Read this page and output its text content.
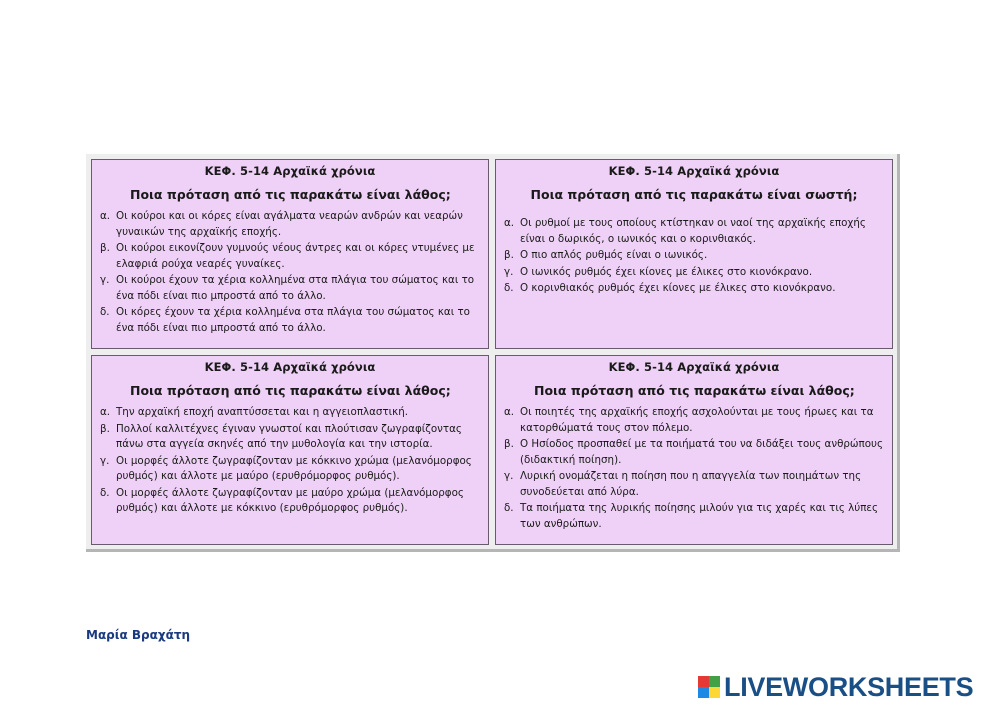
ΚΕΦ. 5-14 Αρχαϊκά χρόνια
Ποια πρόταση από τις παρακάτω είναι λάθος;
α. Οι κούροι και οι κόρες είναι αγάλματα νεαρών ανδρών και νεαρών γυναικών της αρχαϊκής εποχής.
β. Οι κούροι εικονίζουν γυμνούς νέους άντρες και οι κόρες ντυμένες με ελαφριά ρούχα νεαρές γυναίκες.
γ. Οι κούροι έχουν τα χέρια κολλημένα στα πλάγια του σώματος και το ένα πόδι είναι πιο μπροστά από το άλλο.
δ. Οι κόρες έχουν τα χέρια κολλημένα στα πλάγια του σώματος και το ένα πόδι είναι πιο μπροστά από το άλλο.
ΚΕΦ. 5-14 Αρχαϊκά χρόνια
Ποια πρόταση από τις παρακάτω είναι σωστή;
α. Οι ρυθμοί με τους οποίους κτίστηκαν οι ναοί της αρχαϊκής εποχής είναι ο δωρικός, ο ιωνικός και ο κορινθιακός.
β. Ο πιο απλός ρυθμός είναι ο ιωνικός.
γ. Ο ιωνικός ρυθμός έχει κίονες με έλικες στο κιονόκρανο.
δ. Ο κορινθιακός ρυθμός έχει κίονες με έλικες στο κιονόκρανο.
ΚΕΦ. 5-14 Αρχαϊκά χρόνια
Ποια πρόταση από τις παρακάτω είναι λάθος;
α. Την αρχαϊκή εποχή αναπτύσσεται και η αγγειοπλαστική.
β. Πολλοί καλλιτέχνες έγιναν γνωστοί και πλούτισαν ζωγραφίζοντας πάνω στα αγγεία σκηνές από την μυθολογία και την ιστορία.
γ. Οι μορφές άλλοτε ζωγραφίζονταν με κόκκινο χρώμα (μελανόμορφος ρυθμός) και άλλοτε με μαύρο (ερυθρόμορφος ρυθμός).
δ. Οι μορφές άλλοτε ζωγραφίζονταν με μαύρο χρώμα (μελανόμορφος ρυθμός) και άλλοτε με κόκκινο (ερυθρόμορφος ρυθμός).
ΚΕΦ. 5-14 Αρχαϊκά χρόνια
Ποια πρόταση από τις παρακάτω είναι λάθος;
α. Οι ποιητές της αρχαϊκής εποχής ασχολούνται με τους ήρωες και τα κατορθώματά τους στον πόλεμο.
β. Ο Ησίοδος προσπαθεί με τα ποιήματά του να διδάξει τους ανθρώπους (διδακτική ποίηση).
γ. Λυρική ονομάζεται η ποίηση που η απαγγελία των ποιημάτων της συνοδεύεται από λύρα.
δ. Τα ποιήματα της λυρικής ποίησης μιλούν για τις χαρές και τις λύπες των ανθρώπων.
Μαρία Βραχάτη
LIVEWORKSHEETS
